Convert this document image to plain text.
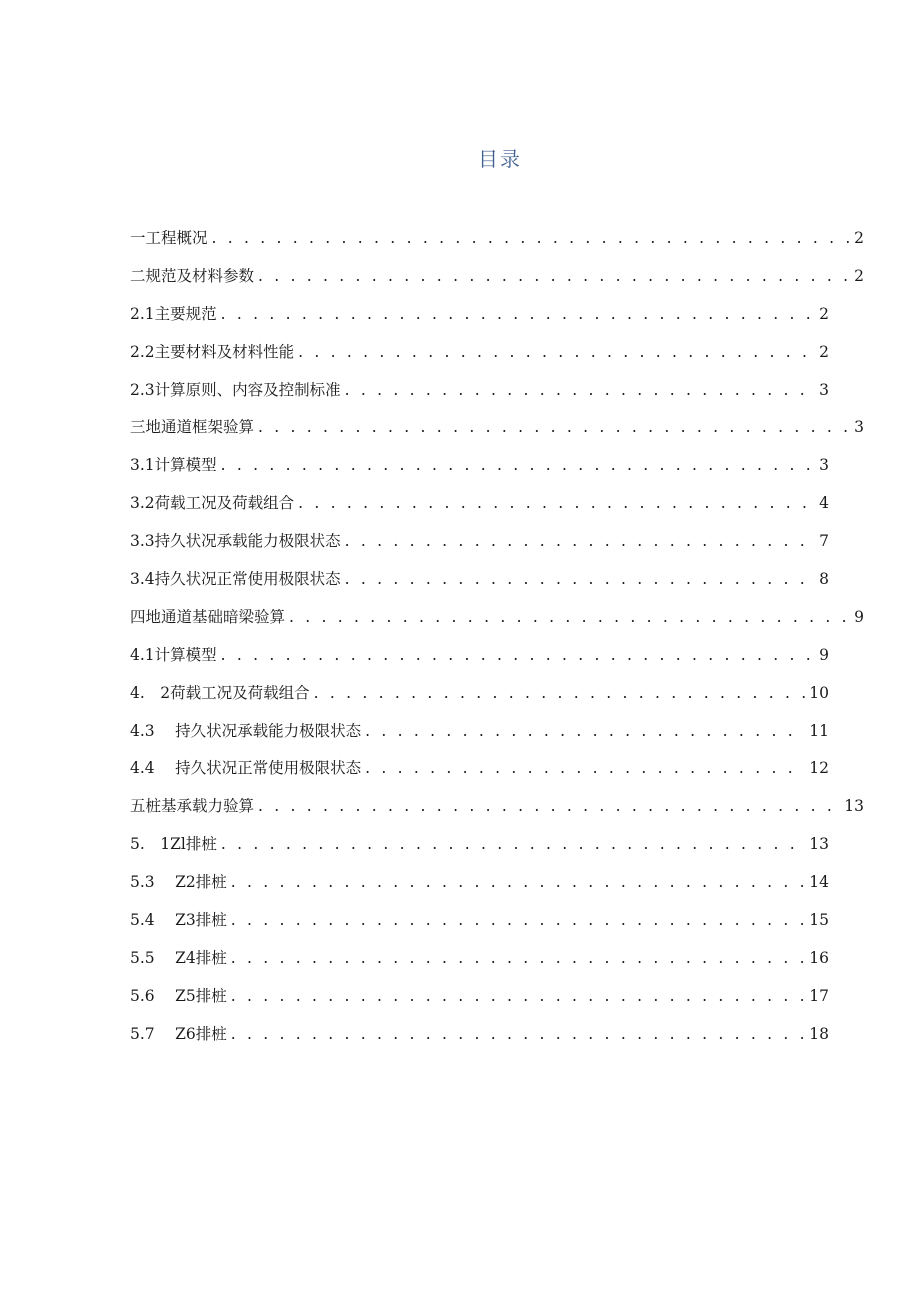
目录
一工程概况 . . .	2
二规范及材料参数 . . .	2
2.1主要规范 . . .	2
2.2主要材料及材料性能 . . .	2
2.3计算原则、内容及控制标准 . . .	3
三地通道框架验算 . . .	3
3.1计算模型 . . .	3
3.2荷载工况及荷载组合 . . .	4
3.3持久状况承载能力极限状态 . . .	7
3.4持久状况正常使用极限状态 . . .	8
四地通道基础暗梁验算 . . .	9
4.1计算模型 . . .	9
4.　2荷载工况及荷载组合 . . .	10
4.3　 持久状况承载能力极限状态 . . .	11
4.4　 持久状况正常使用极限状态 . . .	12
五桩基承载力验算 . . .	13
5.　1Zl排桩 . . .	13
5.3　 Z2排桩 . . .	14
5.4　 Z3排桩 . . .	15
5.5　 Z4排桩 . . .	16
5.6　 Z5排桩 . . .	17
5.7　 Z6排桩 . . .	18
